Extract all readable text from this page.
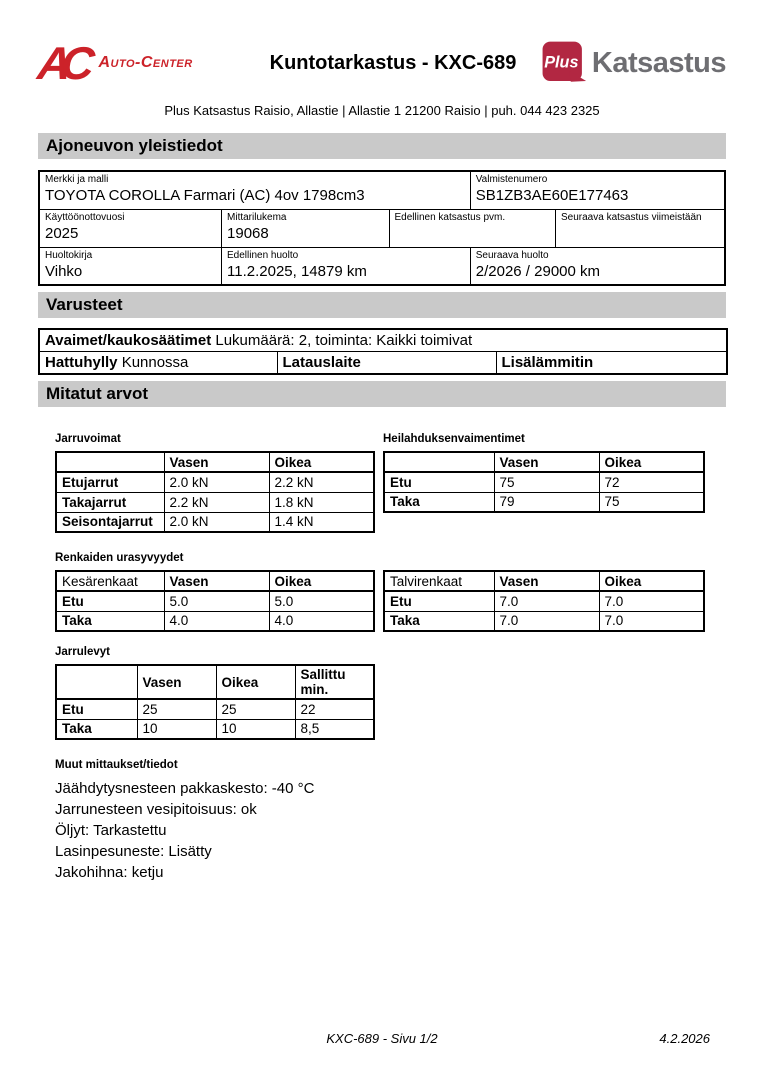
AC Auto-Center	Kuntotarkastus - KXC-689	Plus Katsastus
Plus Katsastus Raisio, Allastie | Allastie 1 21200 Raisio | puh. 044 423 2325
Ajoneuvon yleistiedot
Merkki ja malli
TOYOTA COROLLA Farmari (AC) 4ov 1798cm3

Valmistenumero
SB1ZB3AE60E177463

Käyttöönottovuosi
2025

Mittarilukema
19068

Edellinen katsastus pvm.	Seuraava katsastus viimeistään

Huoltokirja
Vihko

Edellinen huolto
11.2.2025, 14879 km

Seuraava huolto
2/2026 / 29000 km
Varusteet
Avaimet/kaukosäätimet Lukumäärä: 2, toiminta: Kaikki toimivat
Hattuhylly Kunnossa	Latauslaite	Lisälämmitin
Mitatut arvot
Jarruvoimat
	Vasen	Oikea
Etujarrut	2.0 kN	2.2 kN
Takajarrut	2.2 kN	1.8 kN
Seisontajarrut	2.0 kN	1.4 kN
Heilahduksenvaimentimet
	Vasen	Oikea
Etu	75	72
Taka	79	75
Renkaiden urasyvyydet
Kesärenkaat	Vasen	Oikea
Etu	5.0	5.0
Taka	4.0	4.0
Talvirenkaat	Vasen	Oikea
Etu	7.0	7.0
Taka	7.0	7.0
Jarrulevyt
	Vasen	Oikea	Sallittu min.
Etu	25	25	22
Taka	10	10	8,5
Muut mittaukset/tiedot
Jäähdytysnesteen pakkaskesto: -40 °C
Jarrunesteen vesipitoisuus: ok
Öljyt: Tarkastettu
Lasinpesuneste: Lisätty
Jakohihna: ketju
KXC-689 - Sivu 1/2	4.2.2026
